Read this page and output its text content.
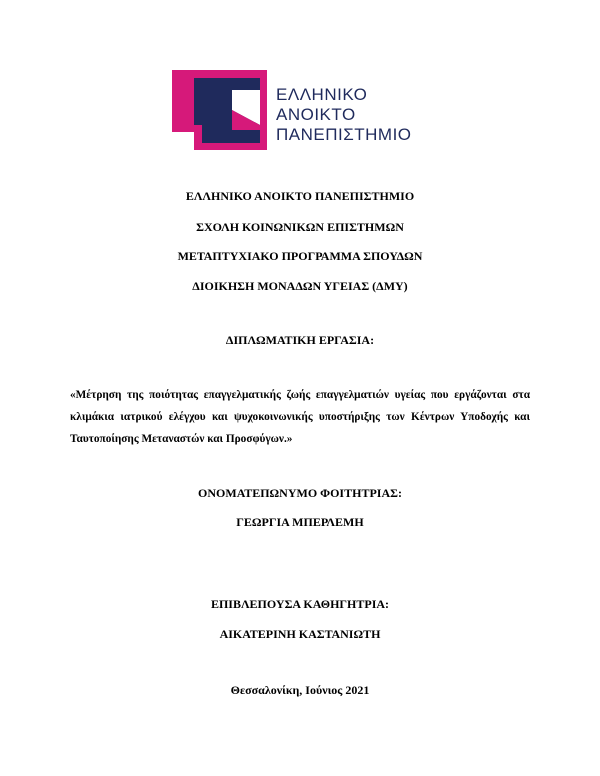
ΕΛΛΗΝΙΚΟ
ΑΝΟΙΚΤΟ
ΠΑΝΕΠΙΣΤΗΜΙΟ
ΕΛΛΗΝΙΚΟ ΑΝΟΙΚΤΟ ΠΑΝΕΠΙΣΤΗΜΙΟ
ΣΧΟΛΗ ΚΟΙΝΩΝΙΚΩΝ ΕΠΙΣΤΗΜΩΝ
ΜΕΤΑΠΤΥΧΙΑΚΟ ΠΡΟΓΡΑΜΜΑ ΣΠΟΥΔΩΝ
ΔΙΟΙΚΗΣΗ ΜΟΝΑΔΩΝ ΥΓΕΙΑΣ (ΔΜΥ)
ΔΙΠΛΩΜΑΤΙΚΗ ΕΡΓΑΣΙΑ:
«Μέτρηση της ποιότητας επαγγελματικής ζωής επαγγελματιών υγείας που εργάζονται στα
κλιμάκια ιατρικού ελέγχου και ψυχοκοινωνικής υποστήριξης των Κέντρων Υποδοχής και
Ταυτοποίησης Μεταναστών και Προσφύγων.»
ΟΝΟΜΑΤΕΠΩΝΥΜΟ ΦΟΙΤΗΤΡΙΑΣ:
ΓΕΩΡΓΙΑ ΜΠΕΡΛΕΜΗ
ΕΠΙΒΛΕΠΟΥΣΑ ΚΑΘΗΓΗΤΡΙΑ:
ΑΙΚΑΤΕΡΙΝΗ ΚΑΣΤΑΝΙΩΤΗ
Θεσσαλονίκη, Ιούνιος 2021
